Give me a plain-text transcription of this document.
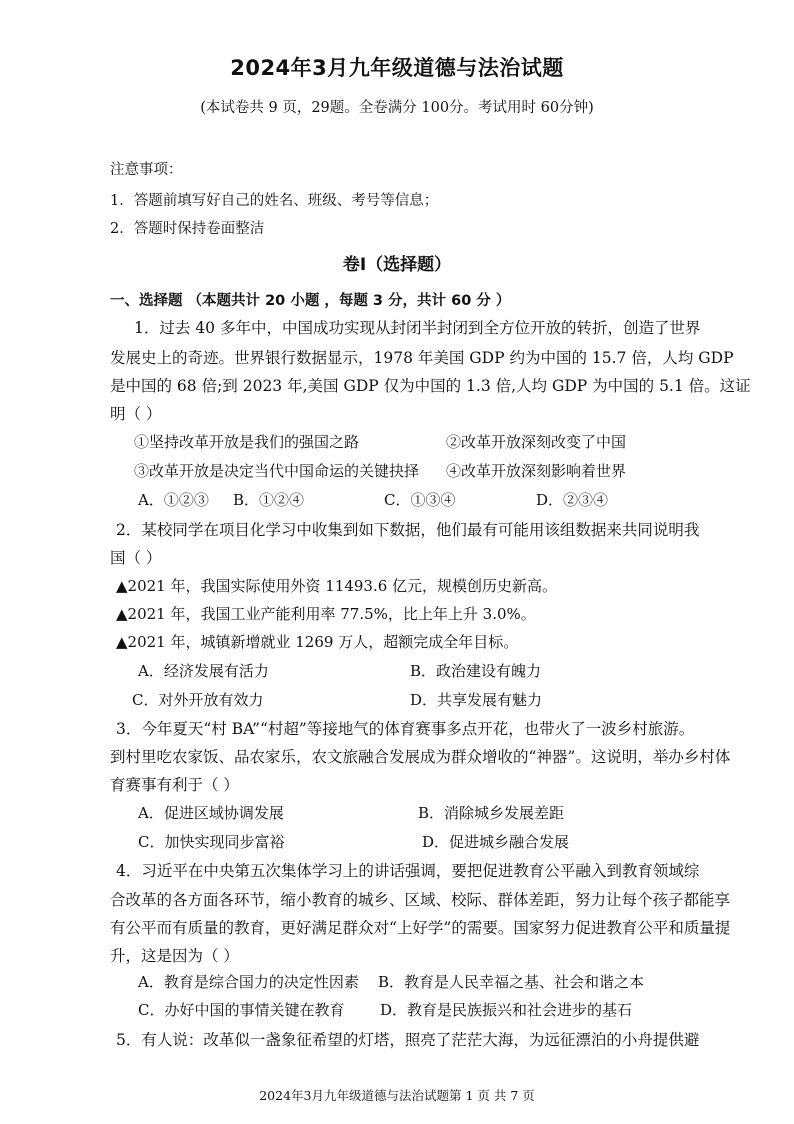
2024年3月九年级道德与法治试题
(本试卷共 9 页，29题。全卷满分 100分。考试用时 60分钟)
注意事项：
1．答题前填写好自己的姓名、班级、考号等信息；
2．答题时保持卷面整洁
卷Ⅰ（选择题）
一、选择题 （本题共计 20 小题 ，每题 3 分，共计 60 分 ）
1．过去 40 多年中，中国成功实现从封闭半封闭到全方位开放的转折，创造了世界
发展史上的奇迹。世界银行数据显示，1978 年美国 GDP 约为中国的 15.7 倍，人均 GDP
是中国的 68 倍;到 2023 年,美国 GDP 仅为中国的 1.3 倍,人均 GDP 为中国的 5.1 倍。这证
明（ ）
①坚持改革开放是我们的强国之路	②改革开放深刻改变了中国
③改革开放是决定当代中国命运的关键抉择 ④改革开放深刻影响着世界
A．①②③ B．①②④	C．①③④	D．②③④
2．某校同学在项目化学习中收集到如下数据，他们最有可能用该组数据来共同说明我
国（ ）
▲2021 年，我国实际使用外资 11493.6 亿元，规模创历史新高。
▲2021 年，我国工业产能利用率 77.5%，比上年上升 3.0%。
▲2021 年，城镇新增就业 1269 万人，超额完成全年目标。
A．经济发展有活力	B．政治建设有魄力
C．对外开放有效力	D．共享发展有魅力
3．今年夏天“村 BA”“村超”等接地气的体育赛事多点开花，也带火了一波乡村旅游。
到村里吃农家饭、品农家乐，农文旅融合发展成为群众增收的“神器”。这说明，举办乡村体
育赛事有利于（ ）
A．促进区域协调发展	B．消除城乡发展差距
C．加快实现同步富裕	D．促进城乡融合发展
4．习近平在中央第五次集体学习上的讲话强调，要把促进教育公平融入到教育领域综
合改革的各方面各环节，缩小教育的城乡、区域、校际、群体差距，努力让每个孩子都能享
有公平而有质量的教育，更好满足群众对“上好学”的需要。国家努力促进教育公平和质量提
升，这是因为（ ）
A．教育是综合国力的决定性因素 B．教育是人民幸福之基、社会和谐之本
C．办好中国的事情关键在教育 D．教育是民族振兴和社会进步的基石
5．有人说：改革似一盏象征希望的灯塔，照亮了茫茫大海，为远征漂泊的小舟提供避
2024年3月九年级道德与法治试题第 1 页 共 7 页
